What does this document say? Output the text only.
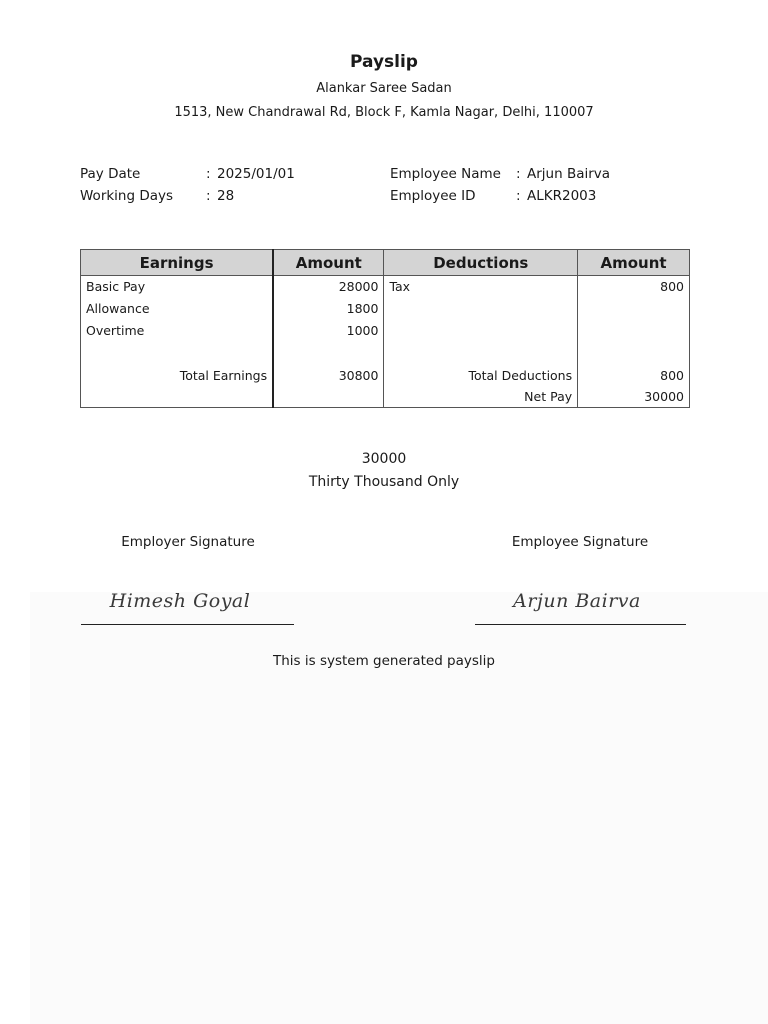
Payslip
Alankar Saree Sadan
1513, New Chandrawal Rd, Block F, Kamla Nagar, Delhi, 110007
Pay Date	: 2025/01/01
Working Days : 28
Employee Name : Arjun Bairva
Employee ID	: ALKR2003
Earnings	Amount	Deductions	Amount
Basic Pay	28000	Tax	800
Allowance	1800		
Overtime	1000		

Total Earnings	30800	Total Deductions	800
		Net Pay	30000
30000
Thirty Thousand Only
Employer Signature	Employee Signature
Himesh Goyal	Arjun Bairva
This is system generated payslip
